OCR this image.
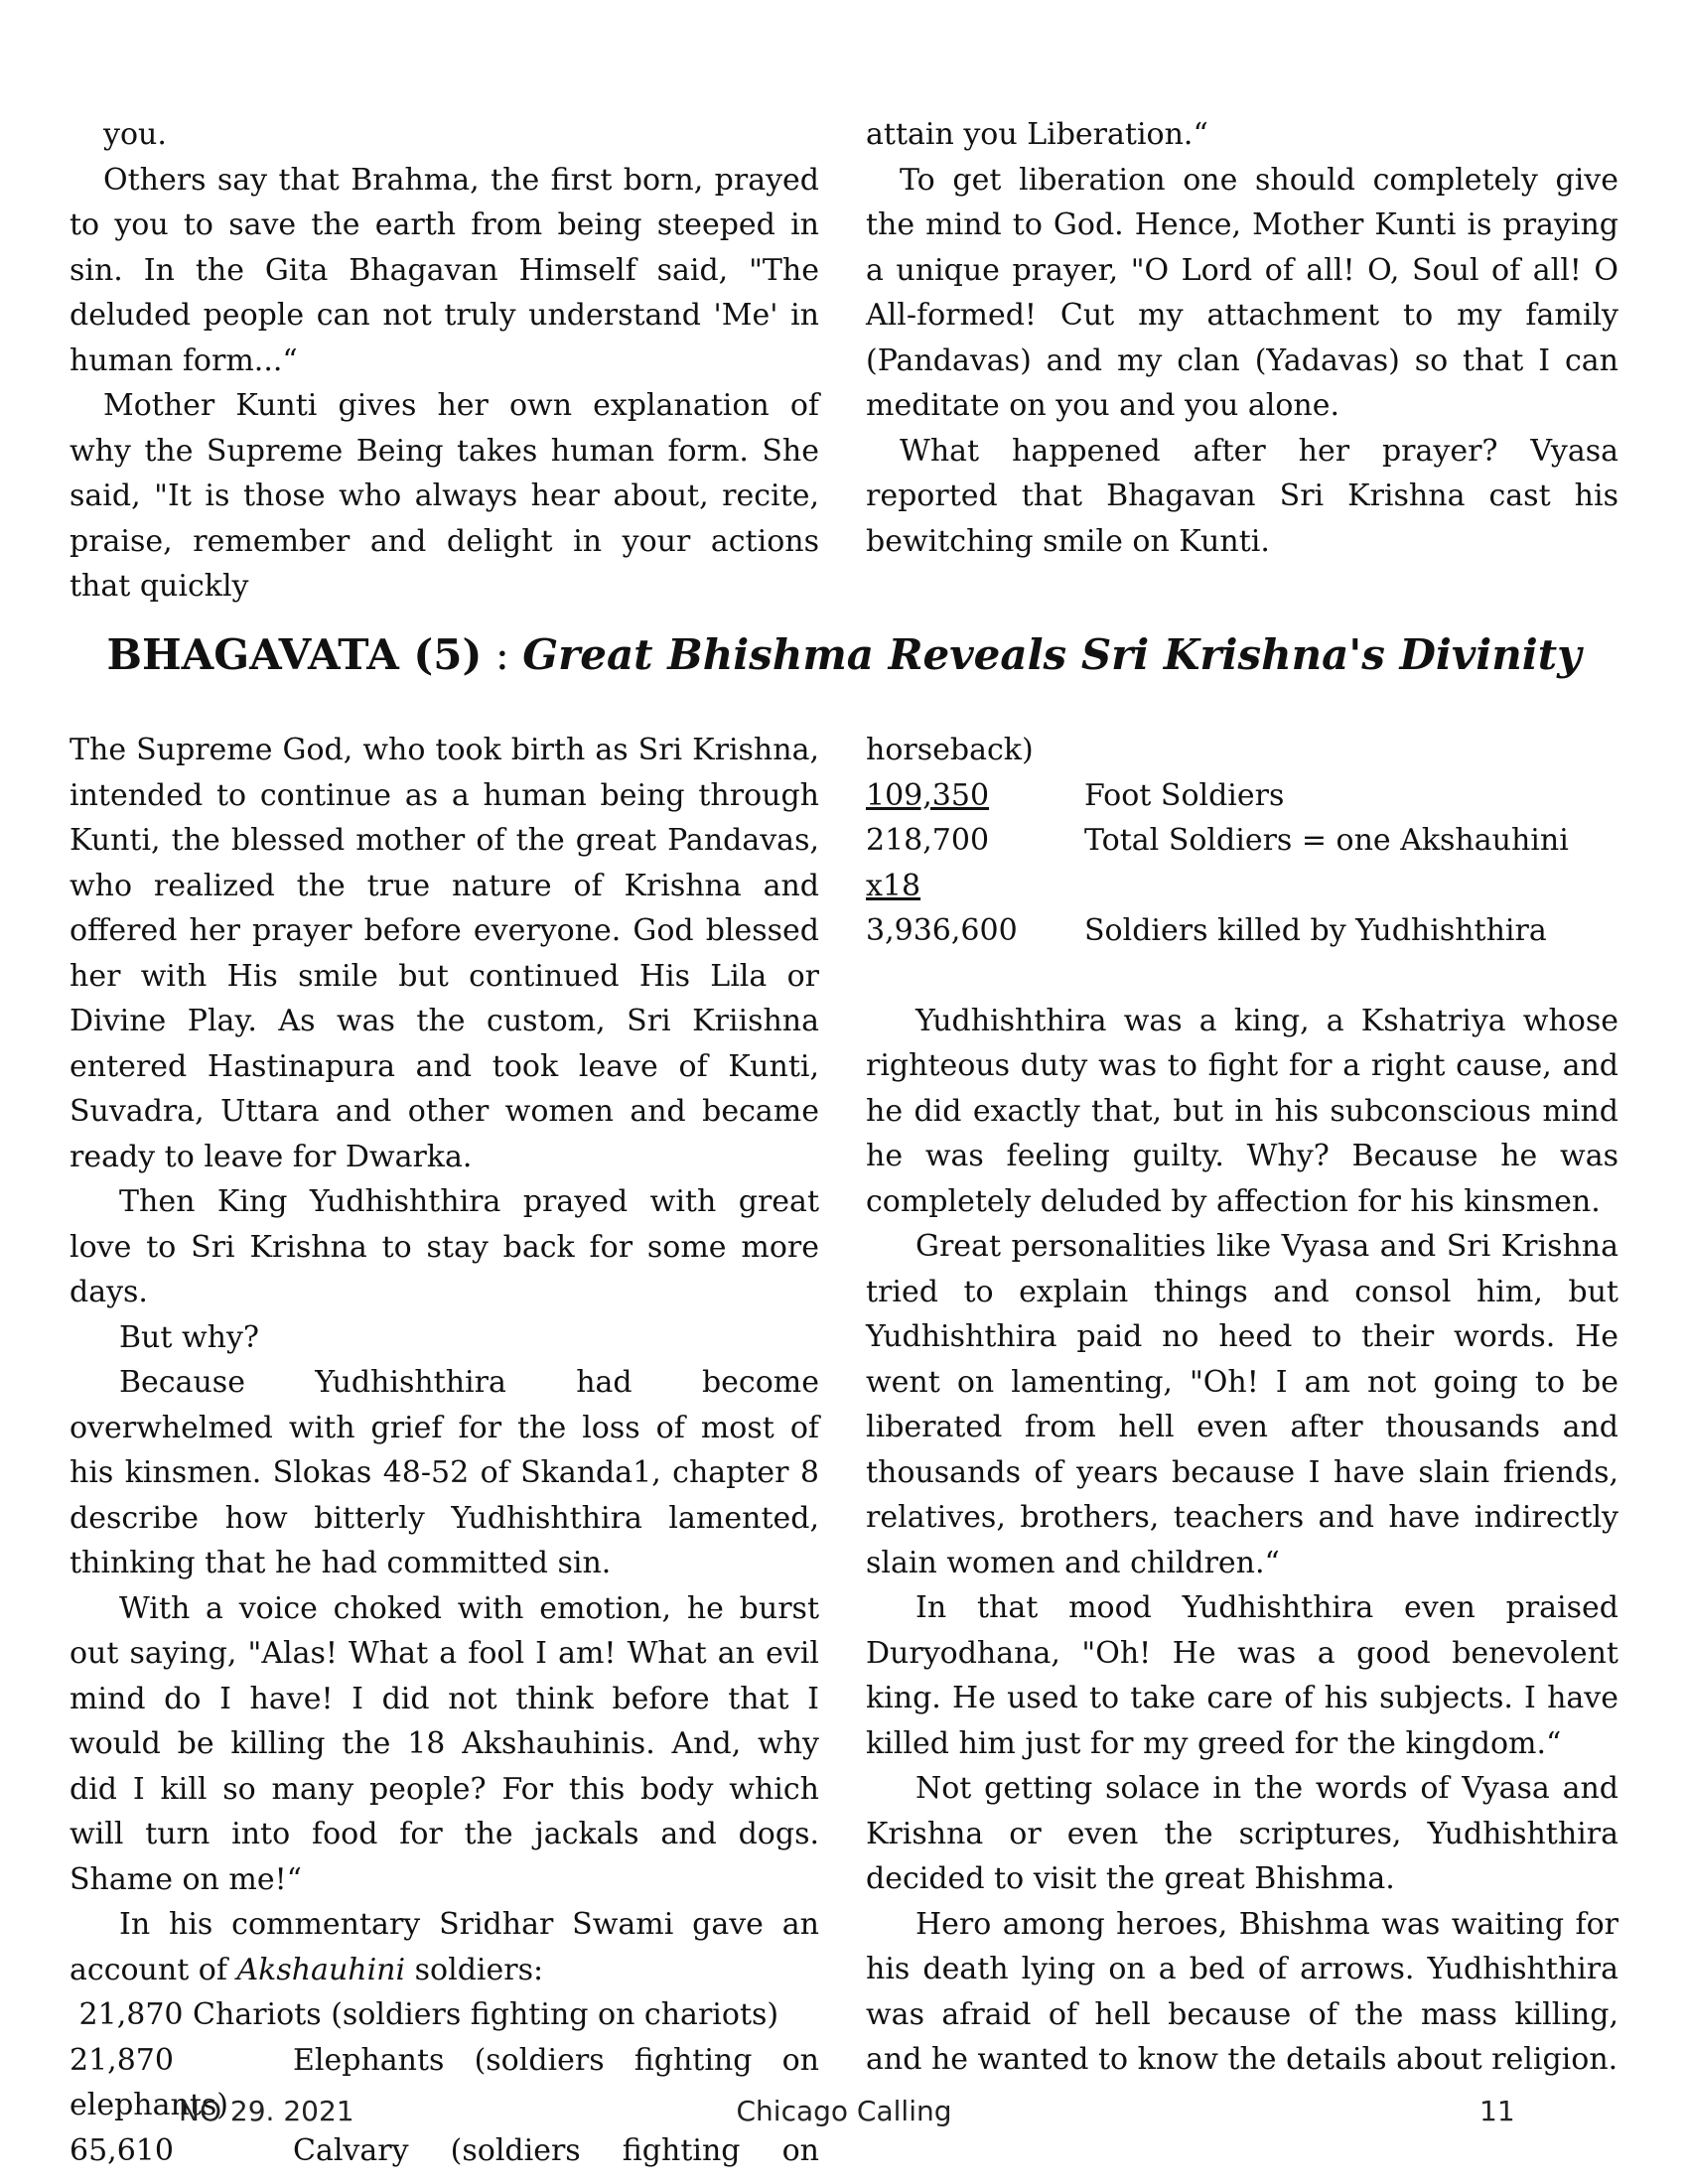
you.

Others say that Brahma, the first born, prayed to you to save the earth from being steeped in sin. In the Gita Bhagavan Himself said, "The deluded people can not truly understand 'Me' in human form...“

Mother Kunti gives her own explanation of why the Supreme Being takes human form. She said, "It is those who always hear about, recite, praise, remember and delight in your actions that quickly

attain you Liberation.“

To get liberation one should completely give the mind to God. Hence, Mother Kunti is praying a unique prayer, "O Lord of all! O, Soul of all! O All-formed! Cut my attachment to my family (Pandavas) and my clan (Yadavas) so that I can meditate on you and you alone.

What happened after her prayer? Vyasa reported that Bhagavan Sri Krishna cast his bewitching smile on Kunti.

BHAGAVATA (5) : Great Bhishma Reveals Sri Krishna's Divinity

The Supreme God, who took birth as Sri Krishna, intended to continue as a human being through Kunti, the blessed mother of the great Pandavas, who realized the true nature of Krishna and offered her prayer before everyone. God blessed her with His smile but continued His Lila or Divine Play. As was the custom, Sri Kriishna entered Hastinapura and took leave of Kunti, Suvadra, Uttara and other women and became ready to leave for Dwarka.

Then King Yudhishthira prayed with great love to Sri Krishna to stay back for some more days.

But why?

Because Yudhishthira had become overwhelmed with grief for the loss of most of his kinsmen. Slokas 48-52 of Skanda1, chapter 8 describe how bitterly Yudhishthira lamented, thinking that he had committed sin.

With a voice choked with emotion, he burst out saying, "Alas! What a fool I am! What an evil mind do I have! I did not think before that I would be killing the 18 Akshauhinis. And, why did I kill so many people? For this body which will turn into food for the jackals and dogs. Shame on me!“

In his commentary Sridhar Swami gave an account of Akshauhini soldiers:

21,870 Chariots (soldiers fighting on chariots)

21,870	Elephants (soldiers fighting on

elephants)

65,610	Calvary (soldiers fighting on

horseback)

109,350	Foot Soldiers
218,700	Total Soldiers = one Akshauhini
x18
3,936,600	Soldiers killed by Yudhishthira

Yudhishthira was a king, a Kshatriya whose righteous duty was to fight for a right cause, and he did exactly that, but in his subconscious mind he was feeling guilty. Why? Because he was completely deluded by affection for his kinsmen.

Great personalities like Vyasa and Sri Krishna tried to explain things and consol him, but Yudhishthira paid no heed to their words. He went on lamenting, "Oh! I am not going to be liberated from hell even after thousands and thousands of years because I have slain friends, relatives, brothers, teachers and have indirectly slain women and children.“

In that mood Yudhishthira even praised Duryodhana, "Oh! He was a good benevolent king. He used to take care of his subjects. I have killed him just for my greed for the kingdom.“

Not getting solace in the words of Vyasa and Krishna or even the scriptures, Yudhishthira decided to visit the great Bhishma.

Hero among heroes, Bhishma was waiting for his death lying on a bed of arrows. Yudhishthira was afraid of hell because of the mass killing, and he wanted to know the details about religion.

NO 29. 2021	Chicago Calling	11
